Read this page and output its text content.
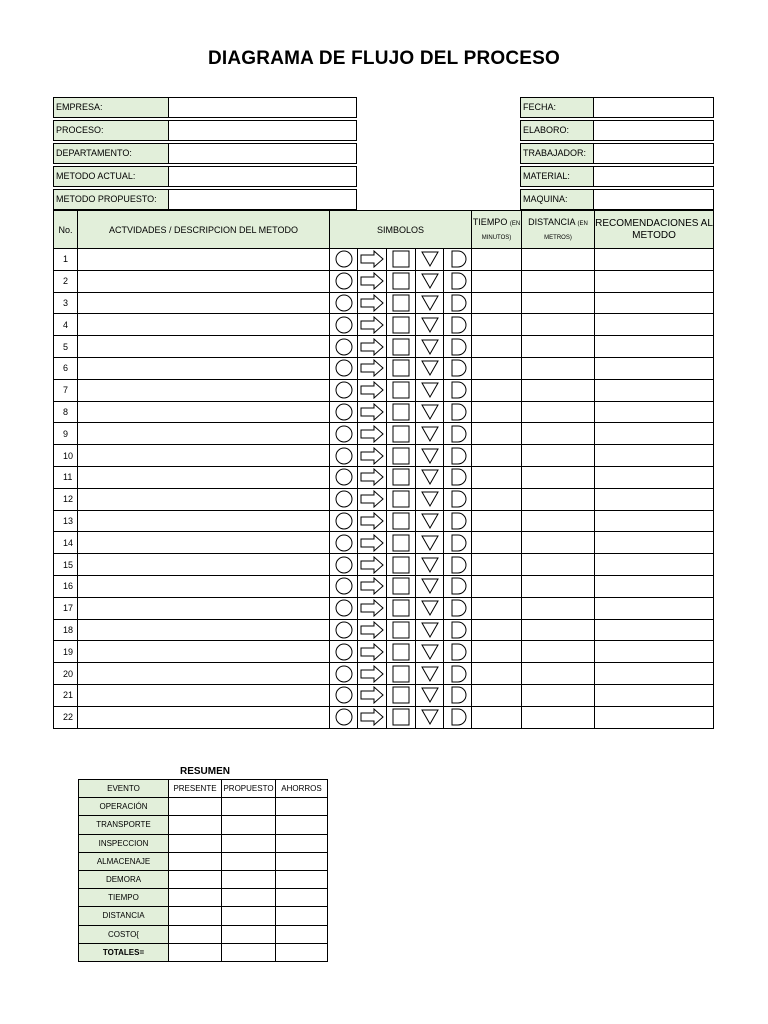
DIAGRAMA DE FLUJO DEL PROCESO
EMPRESA:
PROCESO:
DEPARTAMENTO:
METODO ACTUAL:
METODO PROPUESTO:
FECHA:
ELABORO:
TRABAJADOR:
MATERIAL:
MAQUINA:
No.	ACTVIDADES / DESCRIPCION DEL METODO	SIMBOLOS					TIEMPO (EN MINUTOS)	DISTANCIA (EN METROS)	RECOMENDACIONES AL METODO
1		

2		

3		

4		

5		

6		

7		

8		

9		

10		

11		

12		

13		

14		

15		

16		

17		

18		

19		

20		

21		

22		

RESUMEN
EVENTO	PRESENTE	PROPUESTO	AHORROS
OPERACIÓN			
TRANSPORTE			
INSPECCION			
ALMACENAJE			
DEMORA			
TIEMPO			
DISTANCIA			
COSTO{			
TOTALES=			
